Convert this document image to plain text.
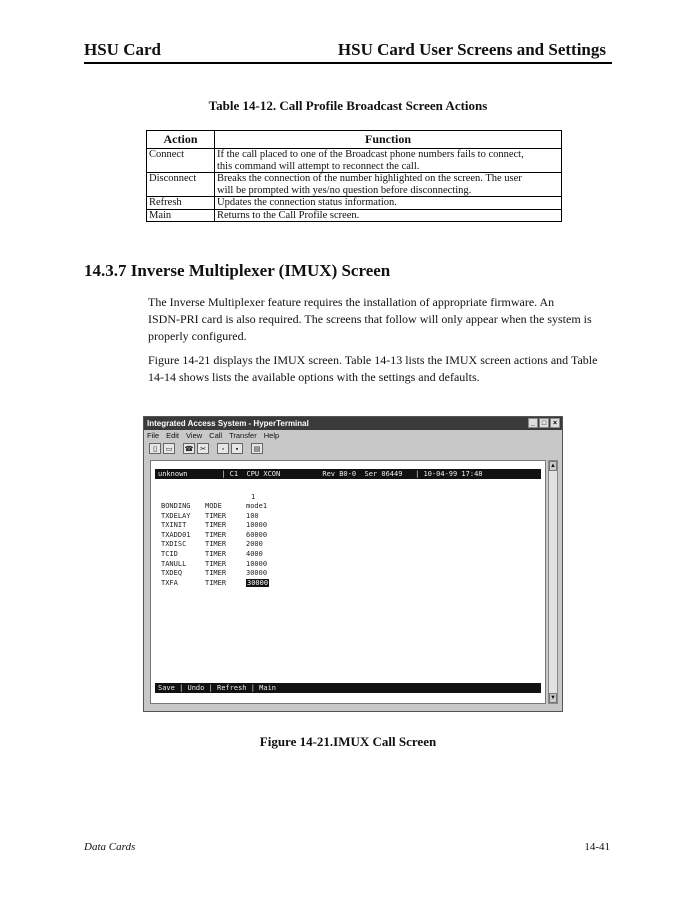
HSU Card	HSU Card User Screens and Settings
Table 14-12. Call Profile Broadcast Screen Actions
Action	Function
Connect	If the call placed to one of the Broadcast phone numbers fails to connect,
this command will attempt to reconnect the call.

Disconnect	Breaks the connection of the number highlighted on the screen. The user
will be prompted with yes/no question before disconnecting.

Refresh	Updates the connection status information.

Main	Returns to the Call Profile screen.
14.3.7 Inverse Multiplexer (IMUX) Screen
The Inverse Multiplexer feature requires the installation of appropriate firmware. An
ISDN-PRI card is also required. The screens that follow will only appear when the system is
properly configured.
Figure 14-21 displays the IMUX screen. Table 14-13 lists the IMUX screen actions and Table
14-14 shows lists the available options with the settings and defaults.
Integrated Access System - HyperTerminal	_ □ ×
File Edit View Call Transfer Help
▯	▭	☎ ✂	▫	▪	▤
unknown        | C1  CPU XCON          Rev B0-0  Ser 06449   | 10-04-99 17:48
1
BONDING MODE	mode1
TXDELAY TIMER	100
TXINIT	TIMER	10000
TXADD01 TIMER	60000
TXDISC	TIMER	2000
TCID	TIMER	4000
TANULL	TIMER	10000
TXDEQ	TIMER	30000
TXFA	TIMER	30000
Save | Undo | Refresh | Main
▲
▼
Figure 14-21.IMUX Call Screen
Data Cards	14-41
